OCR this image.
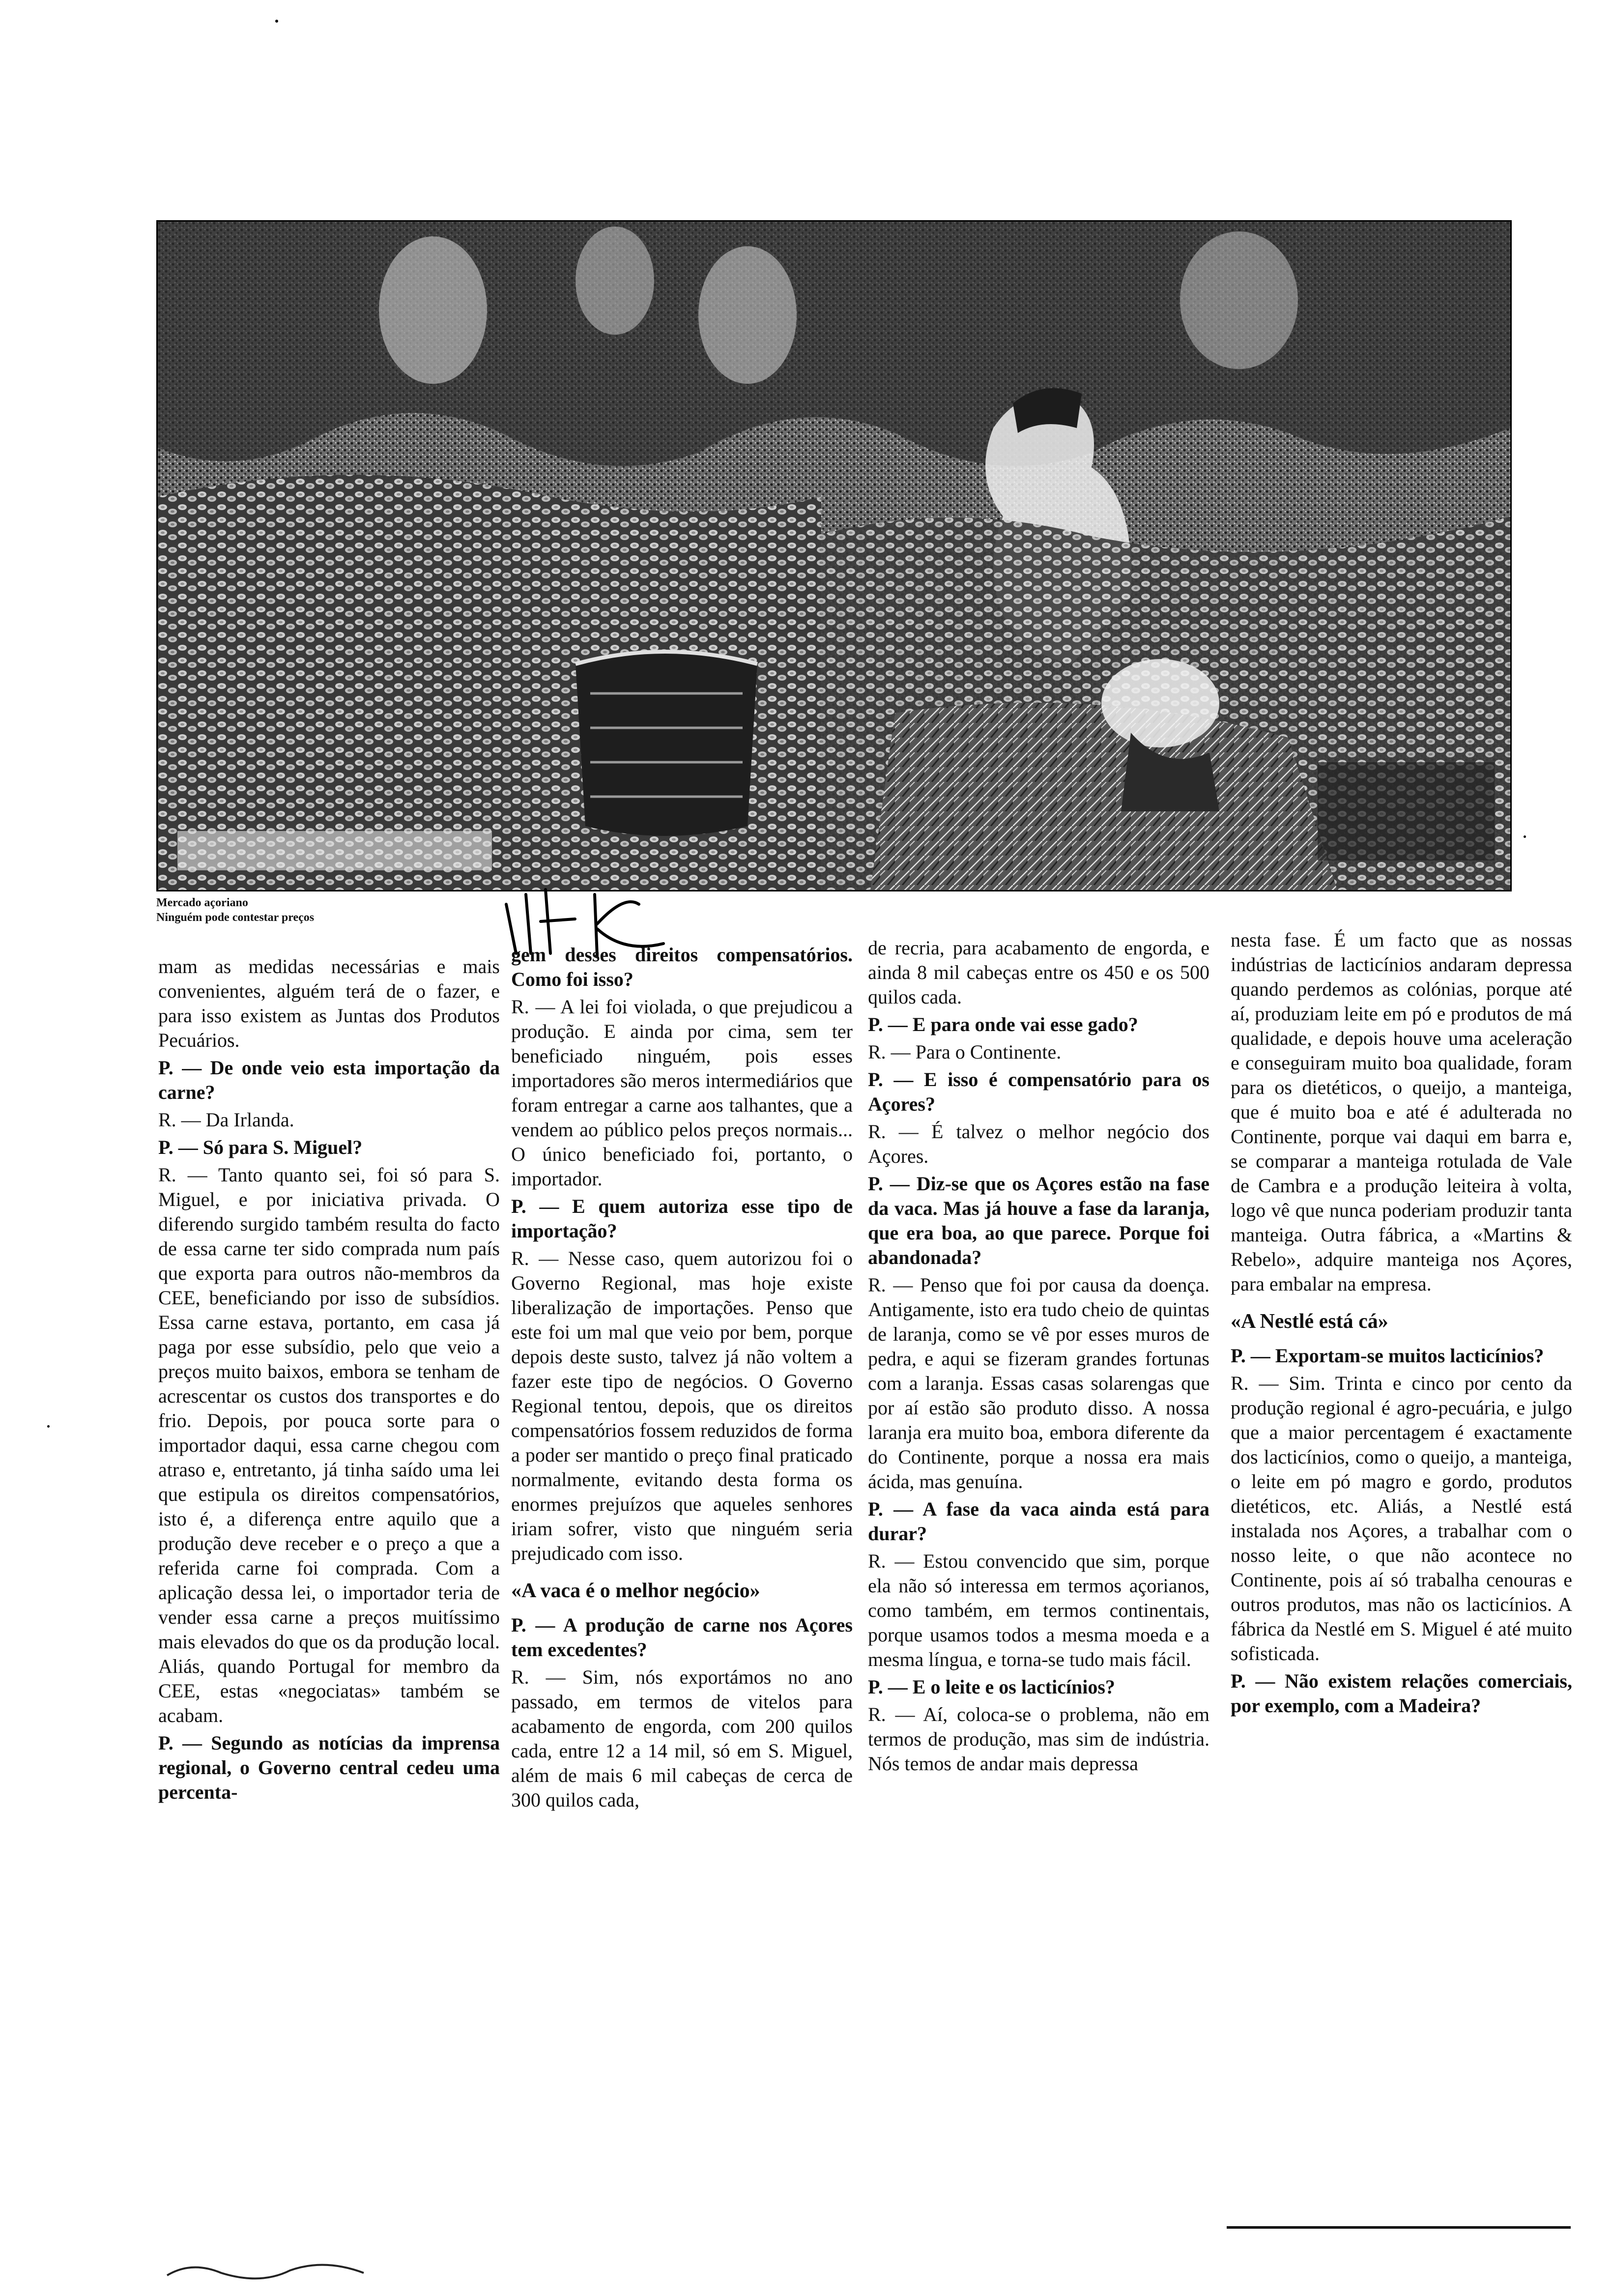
Mercado açoriano
Ninguém pode contestar preços

mam as medidas necessárias e mais convenientes, alguém terá de o fazer, e para isso existem as Juntas dos Produtos Pecuários.

P. — De onde veio esta importação da carne?

R. — Da Irlanda.

P. — Só para S. Miguel?

R. — Tanto quanto sei, foi só para S. Miguel, e por iniciativa privada. O diferendo surgido também resulta do facto de essa carne ter sido comprada num país que exporta para outros não-membros da CEE, beneficiando por isso de subsídios. Essa carne estava, portanto, em casa já paga por esse subsídio, pelo que veio a preços muito baixos, embora se tenham de acrescentar os custos dos transportes e do frio. Depois, por pouca sorte para o importador daqui, essa carne chegou com atraso e, entretanto, já tinha saído uma lei que estipula os direitos compensatórios, isto é, a diferença entre aquilo que a produção deve receber e o preço a que a referida carne foi comprada. Com a aplicação dessa lei, o importador teria de vender essa carne a preços muitíssimo mais elevados do que os da produção local. Aliás, quando Portugal for membro da CEE, estas «negociatas» também se acabam.

P. — Segundo as notícias da imprensa regional, o Governo central cedeu uma percenta-

gem desses direitos compensatórios. Como foi isso?

R. — A lei foi violada, o que prejudicou a produção. E ainda por cima, sem ter beneficiado ninguém, pois esses importadores são meros intermediários que foram entregar a carne aos talhantes, que a vendem ao público pelos preços normais... O único beneficiado foi, portanto, o importador.

P. — E quem autoriza esse tipo de importação?

R. — Nesse caso, quem autorizou foi o Governo Regional, mas hoje existe liberalização de importações. Penso que este foi um mal que veio por bem, porque depois deste susto, talvez já não voltem a fazer este tipo de negócios. O Governo Regional tentou, depois, que os direitos compensatórios fossem reduzidos de forma a poder ser mantido o preço final praticado normalmente, evitando desta forma os enormes prejuízos que aqueles senhores iriam sofrer, visto que ninguém seria prejudicado com isso.

«A vaca é o melhor negócio»

P. — A produção de carne nos Açores tem excedentes?

R. — Sim, nós exportámos no ano passado, em termos de vitelos para acabamento de engorda, com 200 quilos cada, entre 12 a 14 mil, só em S. Miguel, além de mais 6 mil cabeças de cerca de 300 quilos cada,

de recria, para acabamento de engorda, e ainda 8 mil cabeças entre os 450 e os 500 quilos cada.

P. — E para onde vai esse gado?

R. — Para o Continente.

P. — E isso é compensatório para os Açores?

R. — É talvez o melhor negócio dos Açores.

P. — Diz-se que os Açores estão na fase da vaca. Mas já houve a fase da laranja, que era boa, ao que parece. Porque foi abandonada?

R. — Penso que foi por causa da doença. Antigamente, isto era tudo cheio de quintas de laranja, como se vê por esses muros de pedra, e aqui se fizeram grandes fortunas com a laranja. Essas casas solarengas que por aí estão são produto disso. A nossa laranja era muito boa, embora diferente da do Continente, porque a nossa era mais ácida, mas genuína.

P. — A fase da vaca ainda está para durar?

R. — Estou convencido que sim, porque ela não só interessa em termos açorianos, como também, em termos continentais, porque usamos todos a mesma moeda e a mesma língua, e torna-se tudo mais fácil.

P. — E o leite e os lacticínios?

R. — Aí, coloca-se o problema, não em termos de produção, mas sim de indústria. Nós temos de andar mais depressa

nesta fase. É um facto que as nossas indústrias de lacticínios andaram depressa quando perdemos as colónias, porque até aí, produziam leite em pó e produtos de má qualidade, e depois houve uma aceleração e conseguiram muito boa qualidade, foram para os dietéticos, o queijo, a manteiga, que é muito boa e até é adulterada no Continente, porque vai daqui em barra e, se comparar a manteiga rotulada de Vale de Cambra e a produção leiteira à volta, logo vê que nunca poderiam produzir tanta manteiga. Outra fábrica, a «Martins & Rebelo», adquire manteiga nos Açores, para embalar na empresa.

«A Nestlé está cá»

P. — Exportam-se muitos lacticínios?

R. — Sim. Trinta e cinco por cento da produção regional é agro-pecuária, e julgo que a maior percentagem é exactamente dos lacticínios, como o queijo, a manteiga, o leite em pó magro e gordo, produtos dietéticos, etc. Aliás, a Nestlé está instalada nos Açores, a trabalhar com o nosso leite, o que não acontece no Continente, pois aí só trabalha cenouras e outros produtos, mas não os lacticínios. A fábrica da Nestlé em S. Miguel é até muito sofisticada.

P. — Não existem relações comerciais, por exemplo, com a Madeira?
